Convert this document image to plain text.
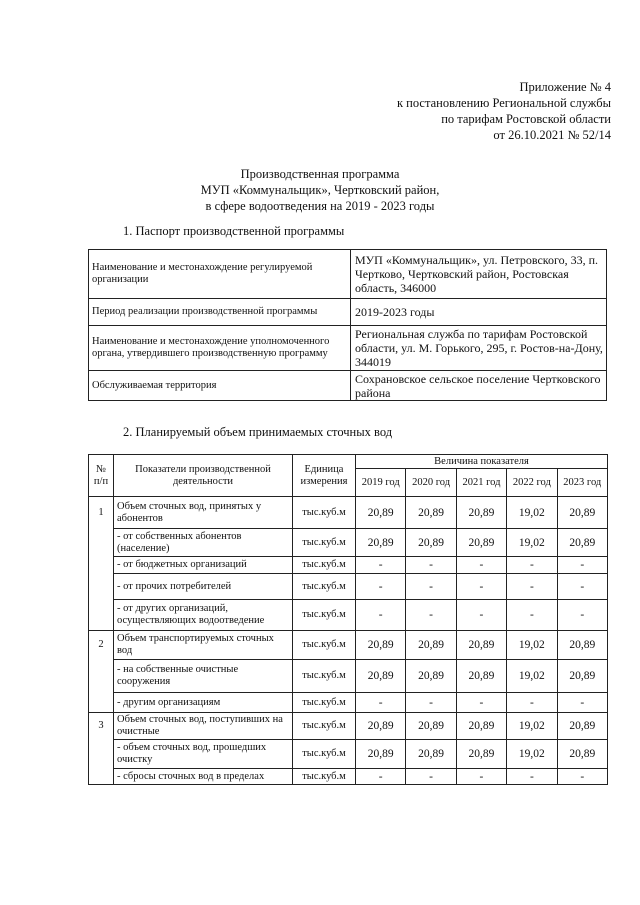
Приложение № 4
к постановлению Региональной службы
по тарифам Ростовской области
от 26.10.2021 № 52/14
Производственная программа
МУП «Коммунальщик», Чертковский район,
в сфере водоотведения на 2019 - 2023 годы
1. Паспорт производственной программы
Наименование и местонахождение регулируемой организации	МУП «Коммунальщик», ул. Петровского, 33, п. Чертково, Чертковский район, Ростовская область, 346000
Период реализации производственной программы	2019-2023 годы
Наименование и местонахождение уполномоченного органа, утвердившего производственную программу	Региональная служба по тарифам Ростовской области, ул. М. Горького, 295, г. Ростов-на-Дону, 344019
Обслуживаемая территория	Сохрановское сельское поселение Чертковского района
2. Планируемый объем принимаемых сточных вод
№ п/п	Показатели производственной деятельности	Единица измерения	Величина показателя				
			2019 год	2020 год	2021 год	2022 год	2023 год
1	Объем сточных вод, принятых у абонентов	тыс.куб.м	20,89	20,89	20,89	19,02	20,89
	- от собственных абонентов (население)	тыс.куб.м	20,89	20,89	20,89	19,02	20,89
	- от бюджетных организаций	тыс.куб.м	-	-	-	-	-
	- от прочих потребителей	тыс.куб.м	-	-	-	-	-
	- от других организаций, осуществляющих водоотведение	тыс.куб.м	-	-	-	-	-
2	Объем транспортируемых сточных вод	тыс.куб.м	20,89	20,89	20,89	19,02	20,89
	- на собственные очистные сооружения	тыс.куб.м	20,89	20,89	20,89	19,02	20,89
	- другим организациям	тыс.куб.м	-	-	-	-	-
3	Объем сточных вод, поступивших на очистные	тыс.куб.м	20,89	20,89	20,89	19,02	20,89
	- объем сточных вод, прошедших очистку	тыс.куб.м	20,89	20,89	20,89	19,02	20,89
	- сбросы сточных вод в пределах	тыс.куб.м	-	-	-	-	-
